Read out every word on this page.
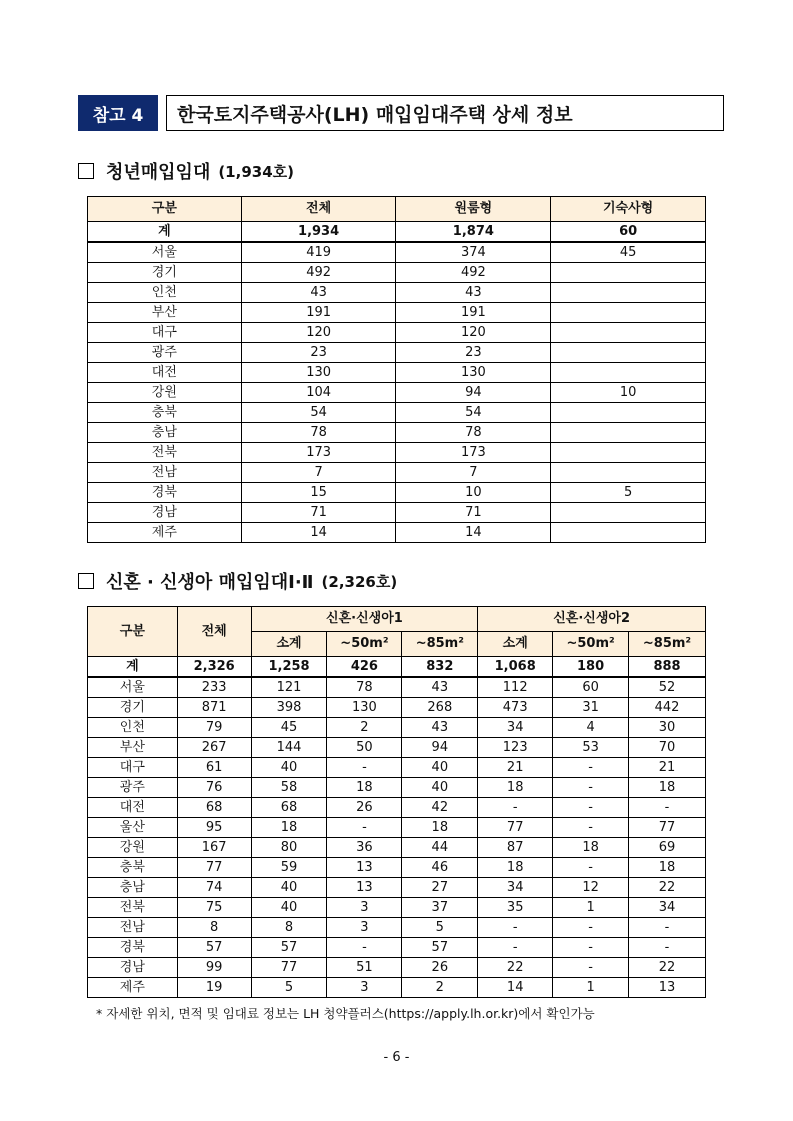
참고 4	한국토지주택공사(LH) 매입임대주택 상세 정보
청년매입임대 (1,934호)
구분	전체	원룸형	기숙사형
계	1,934	1,874	60
서울	419	374	45
경기	492	492	
인천	43	43	
부산	191	191	
대구	120	120	
광주	23	23	
대전	130	130	
강원	104	94	10
충북	54	54	
충남	78	78	
전북	173	173	
전남	7	7	
경북	15	10	5
경남	71	71	
제주	14	14	
신혼 · 신생아 매입임대Ⅰ·Ⅱ (2,326호)
구분	전체	신혼·신생아1			신혼·신생아2		
		소계	~50m²	~85m²	소계	~50m²	~85m²
계	2,326	1,258	426	832	1,068	180	888
서울	233	121	78	43	112	60	52
경기	871	398	130	268	473	31	442
인천	79	45	2	43	34	4	30
부산	267	144	50	94	123	53	70
대구	61	40	-	40	21	-	21
광주	76	58	18	40	18	-	18
대전	68	68	26	42	-	-	-
울산	95	18	-	18	77	-	77
강원	167	80	36	44	87	18	69
충북	77	59	13	46	18	-	18
충남	74	40	13	27	34	12	22
전북	75	40	3	37	35	1	34
전남	8	8	3	5	-	-	-
경북	57	57	-	57	-	-	-
경남	99	77	51	26	22	-	22
제주	19	5	3	2	14	1	13
* 자세한 위치, 면적 및 임대료 정보는 LH 청약플러스(https://apply.lh.or.kr)에서 확인가능
- 6 -
